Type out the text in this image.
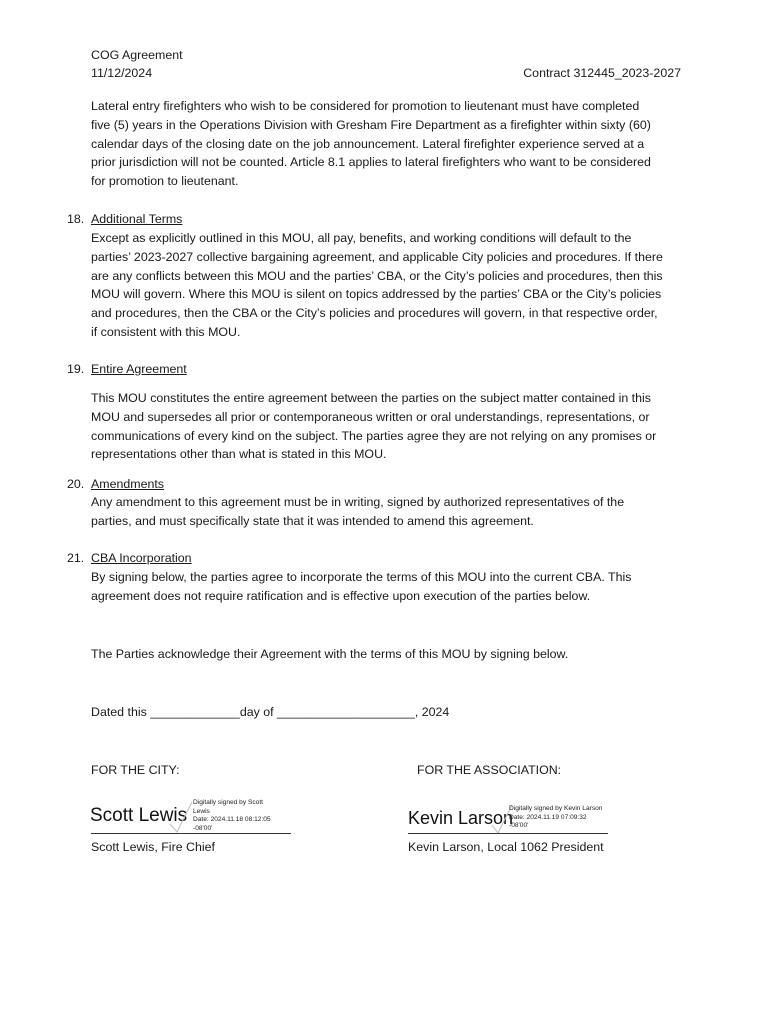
COG Agreement
11/12/2024	Contract 312445_2023-2027

Lateral entry firefighters who wish to be considered for promotion to lieutenant must have completed

five (5) years in the Operations Division with Gresham Fire Department as a firefighter within sixty (60)

calendar days of the closing date on the job announcement. Lateral firefighter experience served at a

prior jurisdiction will not be counted. Article 8.1 applies to lateral firefighters who want to be considered

for promotion to lieutenant.

18. Additional Terms

Except as explicitly outlined in this MOU, all pay, benefits, and working conditions will default to the

parties’ 2023-2027 collective bargaining agreement, and applicable City policies and procedures. If there

are any conflicts between this MOU and the parties’ CBA, or the City’s policies and procedures, then this

MOU will govern. Where this MOU is silent on topics addressed by the parties’ CBA or the City’s policies

and procedures, then the CBA or the City’s policies and procedures will govern, in that respective order,

if consistent with this MOU.

19. Entire Agreement

This MOU constitutes the entire agreement between the parties on the subject matter contained in this

MOU and supersedes all prior or contemporaneous written or oral understandings, representations, or

communications of every kind on the subject. The parties agree they are not relying on any promises or

representations other than what is stated in this MOU.

20. Amendments

Any amendment to this agreement must be in writing, signed by authorized representatives of the

parties, and must specifically state that it was intended to amend this agreement.

21. CBA Incorporation

By signing below, the parties agree to incorporate the terms of this MOU into the current CBA. This

agreement does not require ratification and is effective upon execution of the parties below.

The Parties acknowledge their Agreement with the terms of this MOU by signing below.
Dated this _____________day of ____________________, 2024
FOR THE CITY:
Scott Lewis
Digitally signed by Scott
Lewis
Date: 2024.11.18 08:12:05
-08'00'
Scott Lewis, Fire Chief
FOR THE ASSOCIATION:
Kevin Larson
Digitally signed by Kevin Larson
Date: 2024.11.19 07:09:32
-08'00'
Kevin Larson, Local 1062 President
